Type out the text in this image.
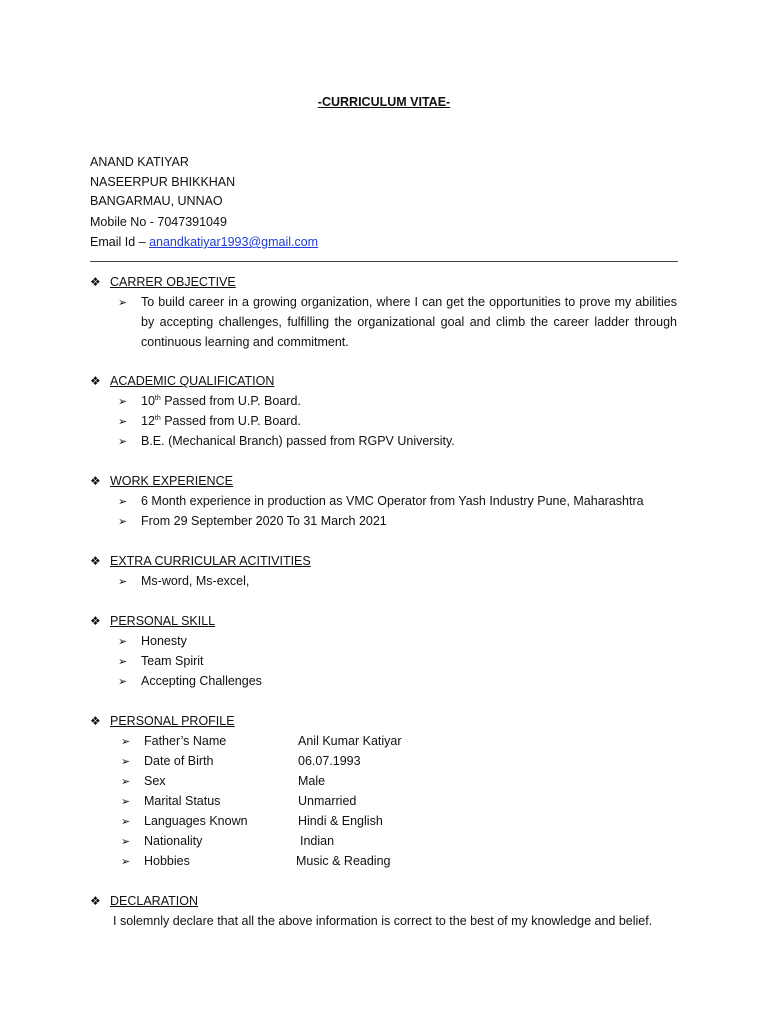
-CURRICULUM VITAE-
ANAND KATIYAR
NASEERPUR BHIKKHAN
BANGARMAU, UNNAO
Mobile No - 7047391049
Email Id – anandkatiyar1993@gmail.com
❖ CARRER OBJECTIVE
➢	To build career in a growing organization, where I can get the opportunities to prove my abilities by accepting challenges, fulfilling the organizational goal and climb the career ladder through continuous learning and commitment.
❖ ACADEMIC QUALIFICATION
➢ 10th Passed from U.P. Board.
➢ 12th Passed from U.P. Board.
➢ B.E. (Mechanical Branch) passed from RGPV University.
❖ WORK EXPERIENCE
➢ 6 Month experience in production as VMC Operator from Yash Industry Pune, Maharashtra
➢ From 29 September 2020 To 31 March 2021
❖ EXTRA CURRICULAR ACITIVITIES
➢ Ms-word, Ms-excel,
❖ PERSONAL SKILL
➢ Honesty
➢ Team Spirit
➢ Accepting Challenges
❖ PERSONAL PROFILE
➢ Father’s Name	Anil Kumar Katiyar
➢ Date of Birth	06.07.1993
➢ Sex	Male
➢ Marital Status	Unmarried
➢ Languages Known	Hindi & English
➢ Nationality	Indian
➢ Hobbies	Music & Reading
❖ DECLARATION
I solemnly declare that all the above information is correct to the best of my knowledge and belief.
